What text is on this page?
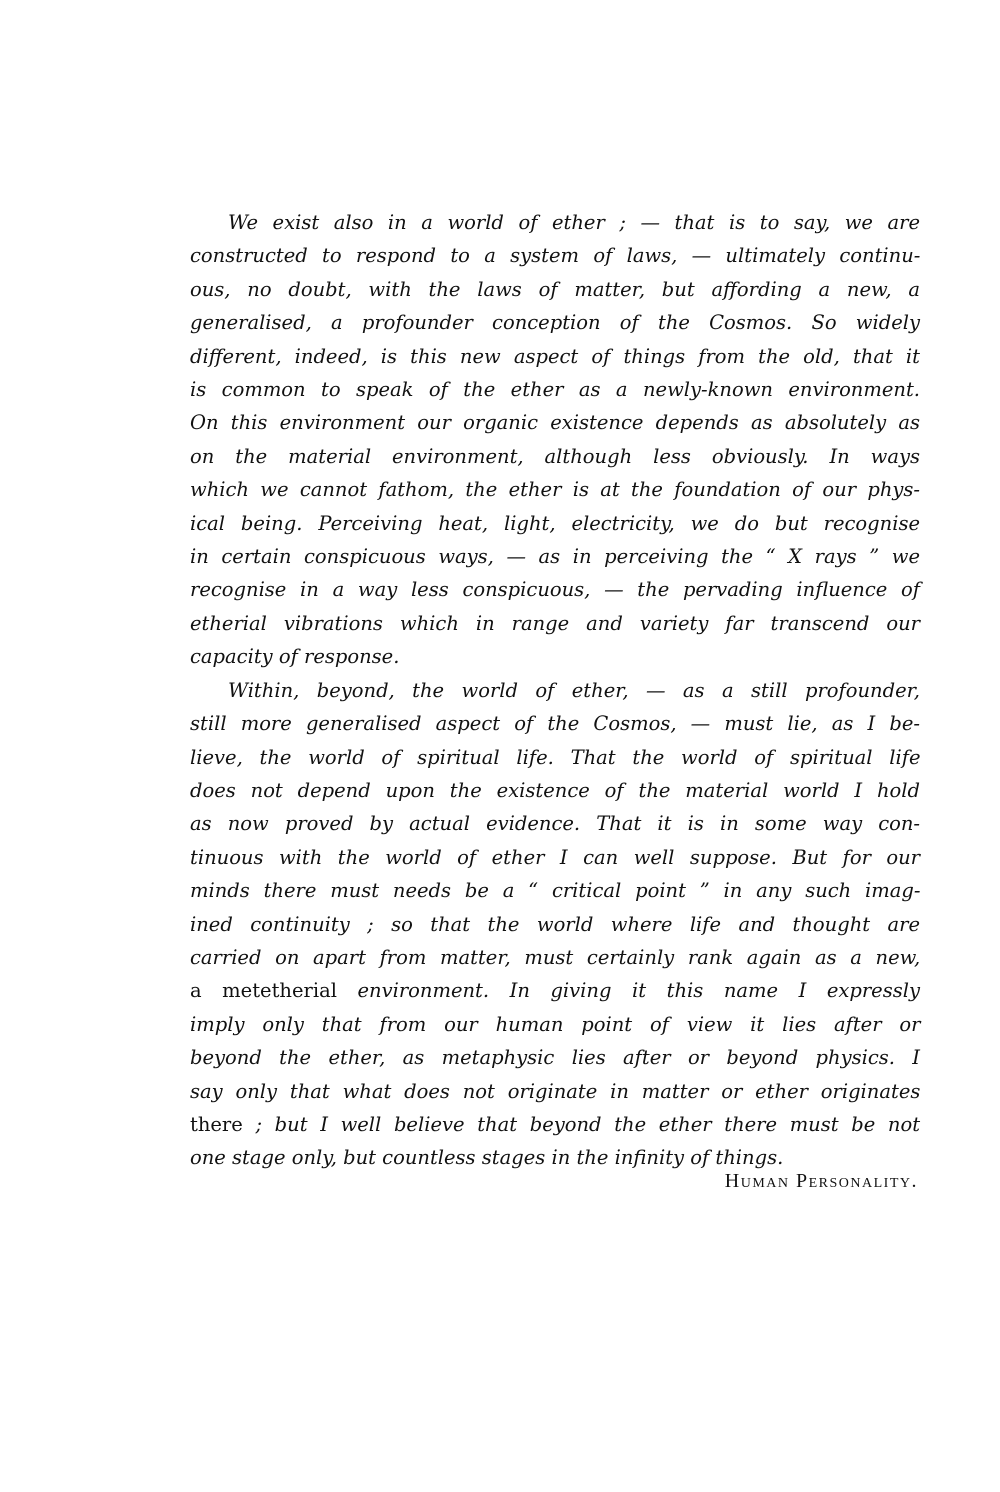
We exist also in a world of ether ; — that is to say, we are
constructed to respond to a system of laws, — ultimately continu-
ous, no doubt, with the laws of matter, but affording a new, a
generalised, a profounder conception of the Cosmos. So widely
different, indeed, is this new aspect of things from the old, that it
is common to speak of the ether as a newly-known environment.
On this environment our organic existence depends as absolutely as
on the material environment, although less obviously. In ways
which we cannot fathom, the ether is at the foundation of our phys-
ical being. Perceiving heat, light, electricity, we do but recognise
in certain conspicuous ways, — as in perceiving the “ X rays ” we
recognise in a way less conspicuous, — the pervading influence of
etherial vibrations which in range and variety far transcend our
capacity of response.

Within, beyond, the world of ether, — as a still profounder,
still more generalised aspect of the Cosmos, — must lie, as I be-
lieve, the world of spiritual life. That the world of spiritual life
does not depend upon the existence of the material world I hold
as now proved by actual evidence. That it is in some way con-
tinuous with the world of ether I can well suppose. But for our
minds there must needs be a “ critical point ” in any such imag-
ined continuity ; so that the world where life and thought are
carried on apart from matter, must certainly rank again as a new,
a metetherial environment. In giving it this name I expressly
imply only that from our human point of view it lies after or
beyond the ether, as metaphysic lies after or beyond physics. I
say only that what does not originate in matter or ether originates
there ; but I well believe that beyond the ether there must be not
one stage only, but countless stages in the infinity of things.

Human Personality.
